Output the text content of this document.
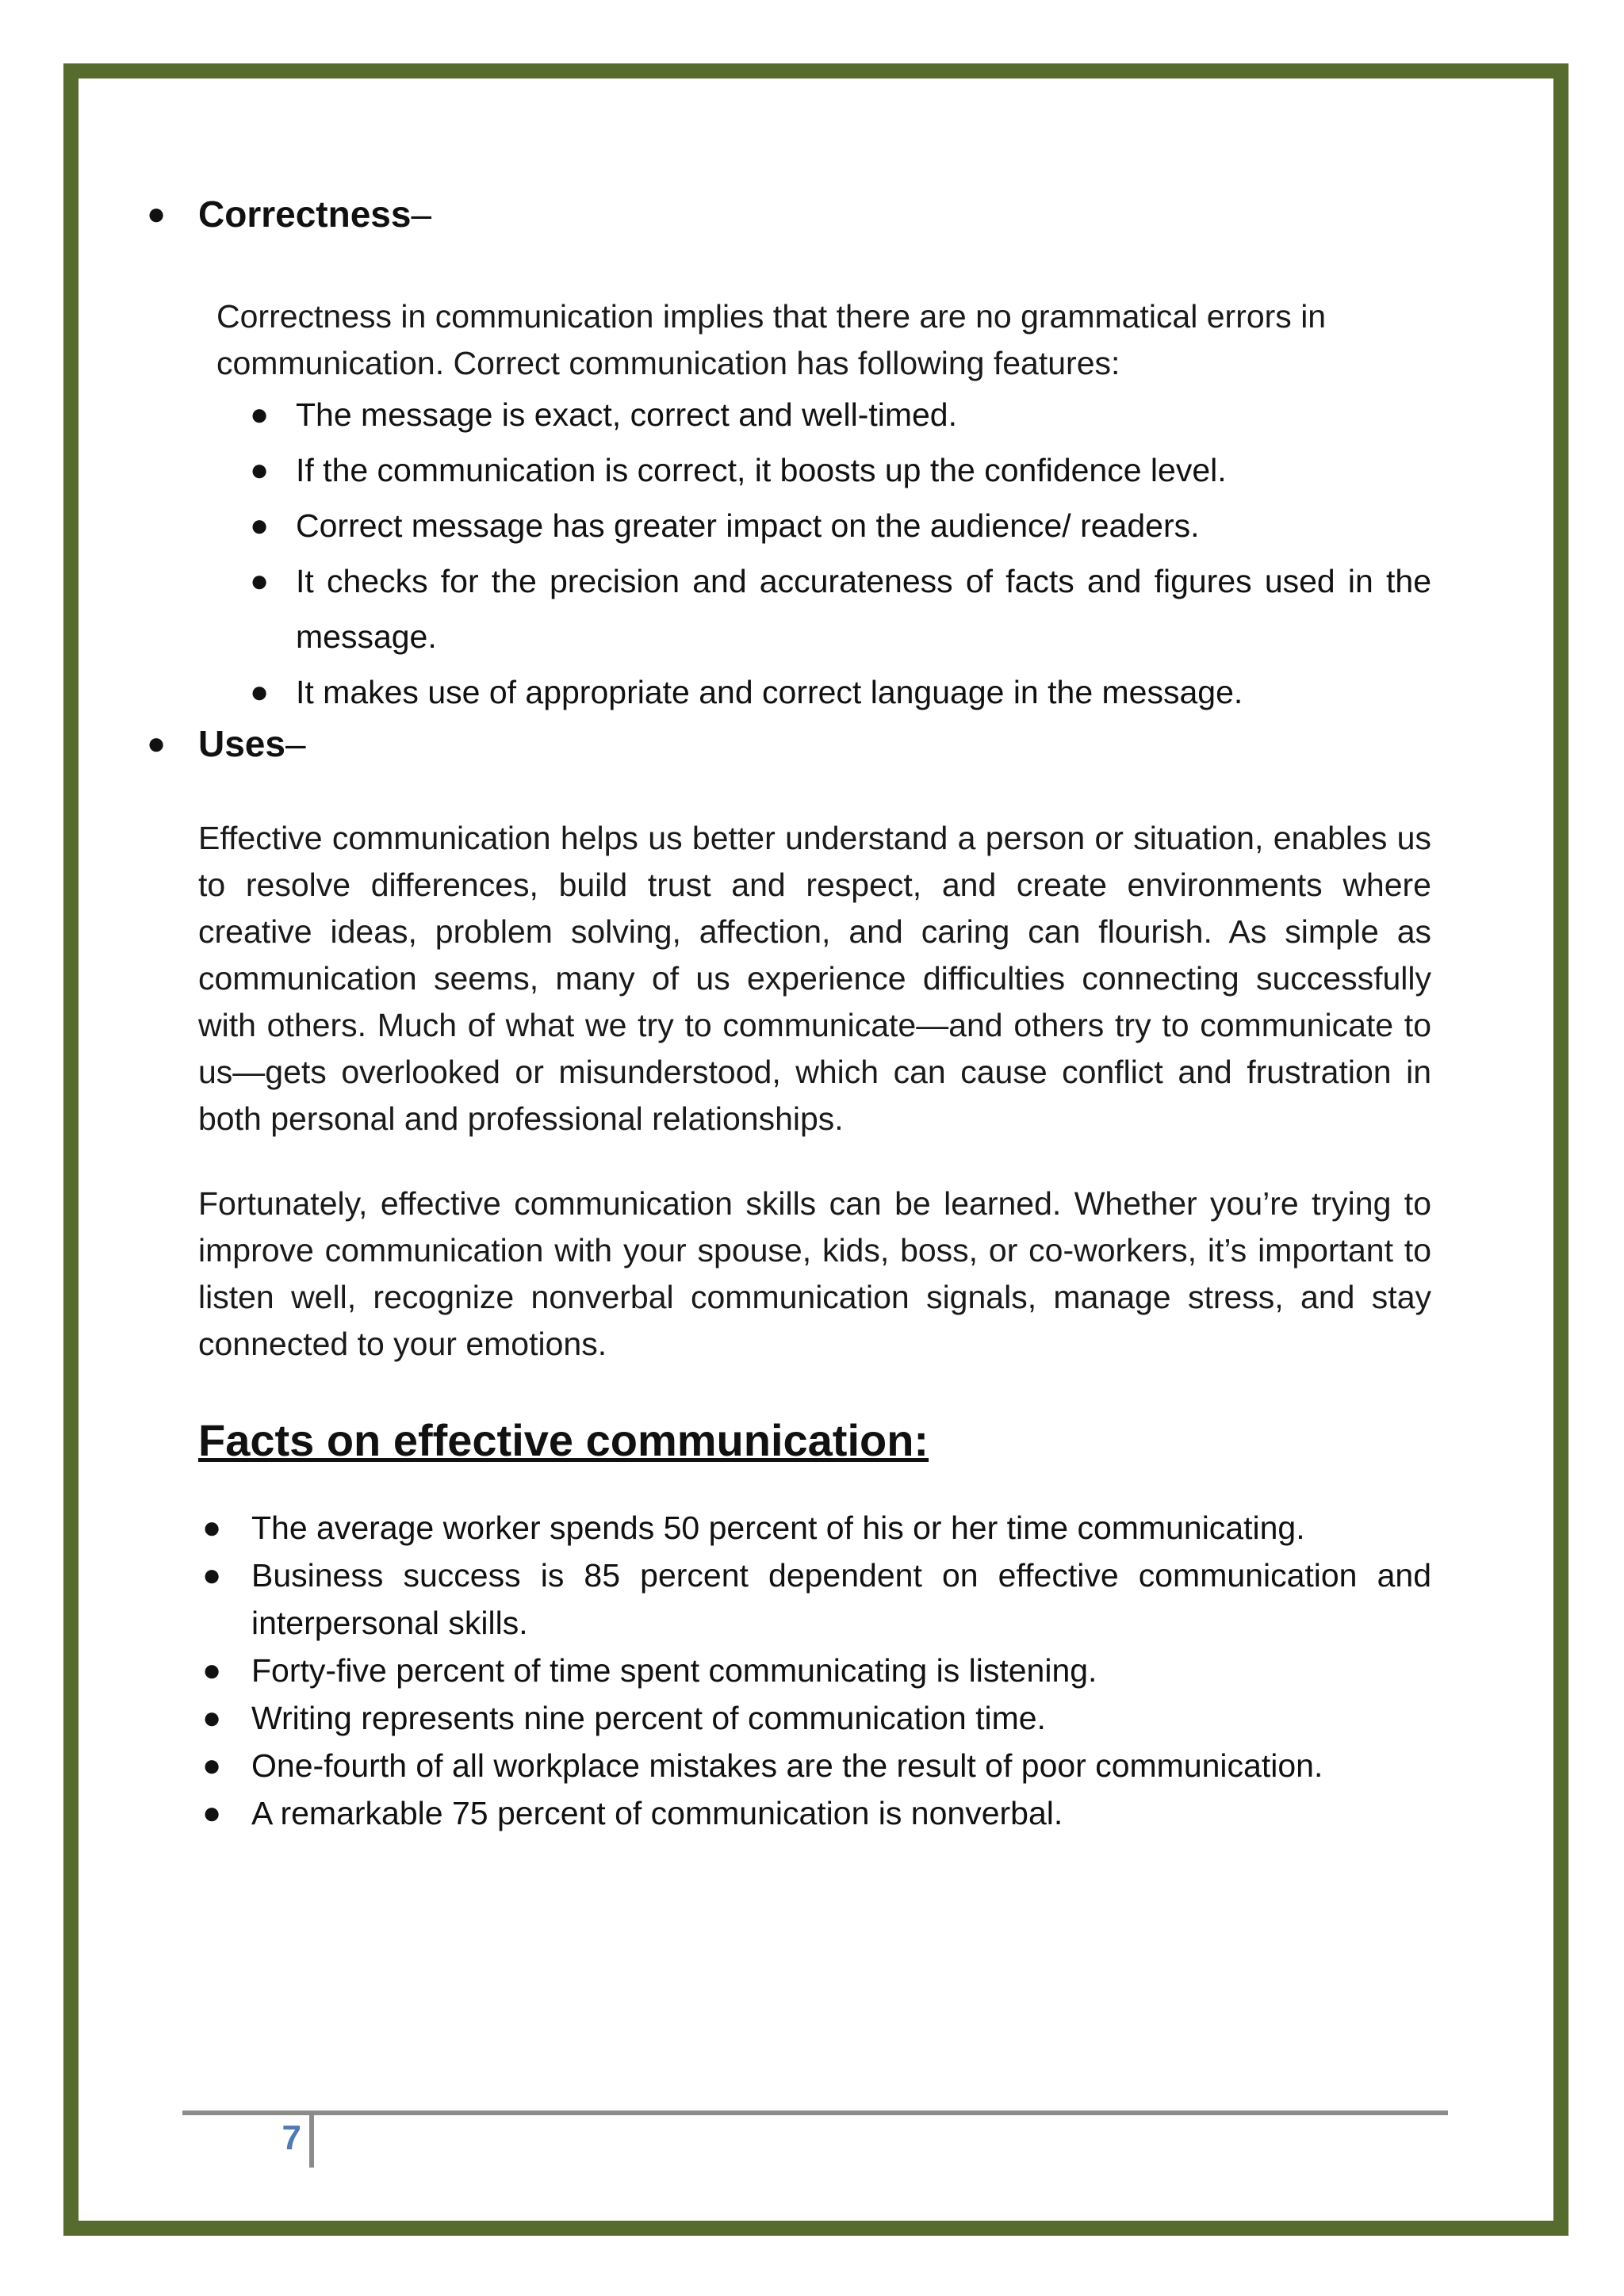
● Correctness–
Correctness in communication implies that there are no grammatical errors in communication. Correct communication has following features:
● The message is exact, correct and well-timed.
● If the communication is correct, it boosts up the confidence level.
● Correct message has greater impact on the audience/ readers.
● It checks for the precision and accurateness of facts and figures used in the message.
● It makes use of appropriate and correct language in the message.
● Uses–
Effective communication helps us better understand a person or situation, enables us to resolve differences, build trust and respect, and create environments where creative ideas, problem solving, affection, and caring can flourish. As simple as communication seems, many of us experience difficulties connecting successfully with others. Much of what we try to communicate—and others try to communicate to us—gets overlooked or misunderstood, which can cause conflict and frustration in both personal and professional relationships.
Fortunately, effective communication skills can be learned. Whether you’re trying to improve communication with your spouse, kids, boss, or co-workers, it’s important to listen well, recognize nonverbal communication signals, manage stress, and stay connected to your emotions.
Facts on effective communication:
● The average worker spends 50 percent of his or her time communicating.
● Business success is 85 percent dependent on effective communication and interpersonal skills.
● Forty-five percent of time spent communicating is listening.
● Writing represents nine percent of communication time.
● One-fourth of all workplace mistakes are the result of poor communication.
● A remarkable 75 percent of communication is nonverbal.
7
